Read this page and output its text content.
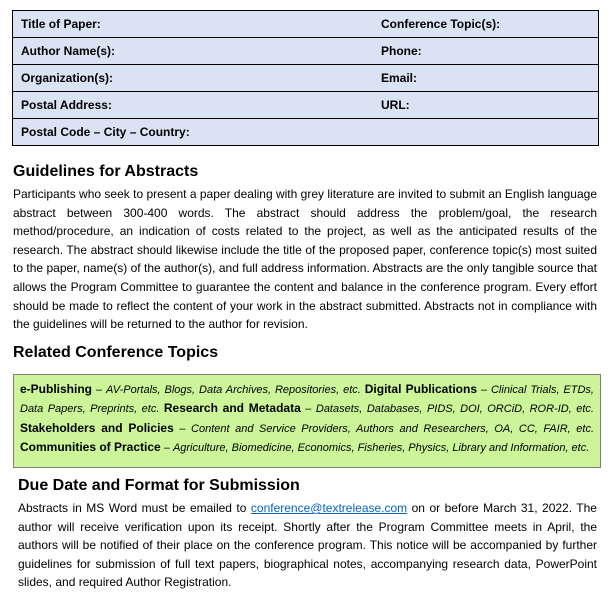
Title of Paper:	Conference Topic(s):
Author Name(s):	Phone:
Organization(s):	Email:
Postal Address:	URL:
Postal Code – City – Country:	
Guidelines for Abstracts

Participants who seek to present a paper dealing with grey literature are invited to submit an English language abstract between 300-400 words. The abstract should address the problem/goal, the research method/procedure, an indication of costs related to the project, as well as the anticipated results of the research. The abstract should likewise include the title of the proposed paper, conference topic(s) most suited to the paper, name(s) of the author(s), and full address information. Abstracts are the only tangible source that allows the Program Committee to guarantee the content and balance in the conference program. Every effort should be made to reflect the content of your work in the abstract submitted. Abstracts not in compliance with the guidelines will be returned to the author for revision.

Related Conference Topics
e-Publishing – AV-Portals, Blogs, Data Archives, Repositories, etc. Digital Publications – Clinical Trials, ETDs, Data Papers, Preprints, etc. Research and Metadata – Datasets, Databases, PIDS, DOI, ORCiD, ROR-ID, etc. Stakeholders and Policies – Content and Service Providers, Authors and Researchers, OA, CC, FAIR, etc. Communities of Practice – Agriculture, Biomedicine, Economics, Fisheries, Physics, Library and Information, etc.
Due Date and Format for Submission

Abstracts in MS Word must be emailed to conference@textrelease.com on or before March 31, 2022. The author will receive verification upon its receipt. Shortly after the Program Committee meets in April, the authors will be notified of their place on the conference program. This notice will be accompanied by further guidelines for submission of full text papers, biographical notes, accompanying research data, PowerPoint slides, and required Author Registration.
